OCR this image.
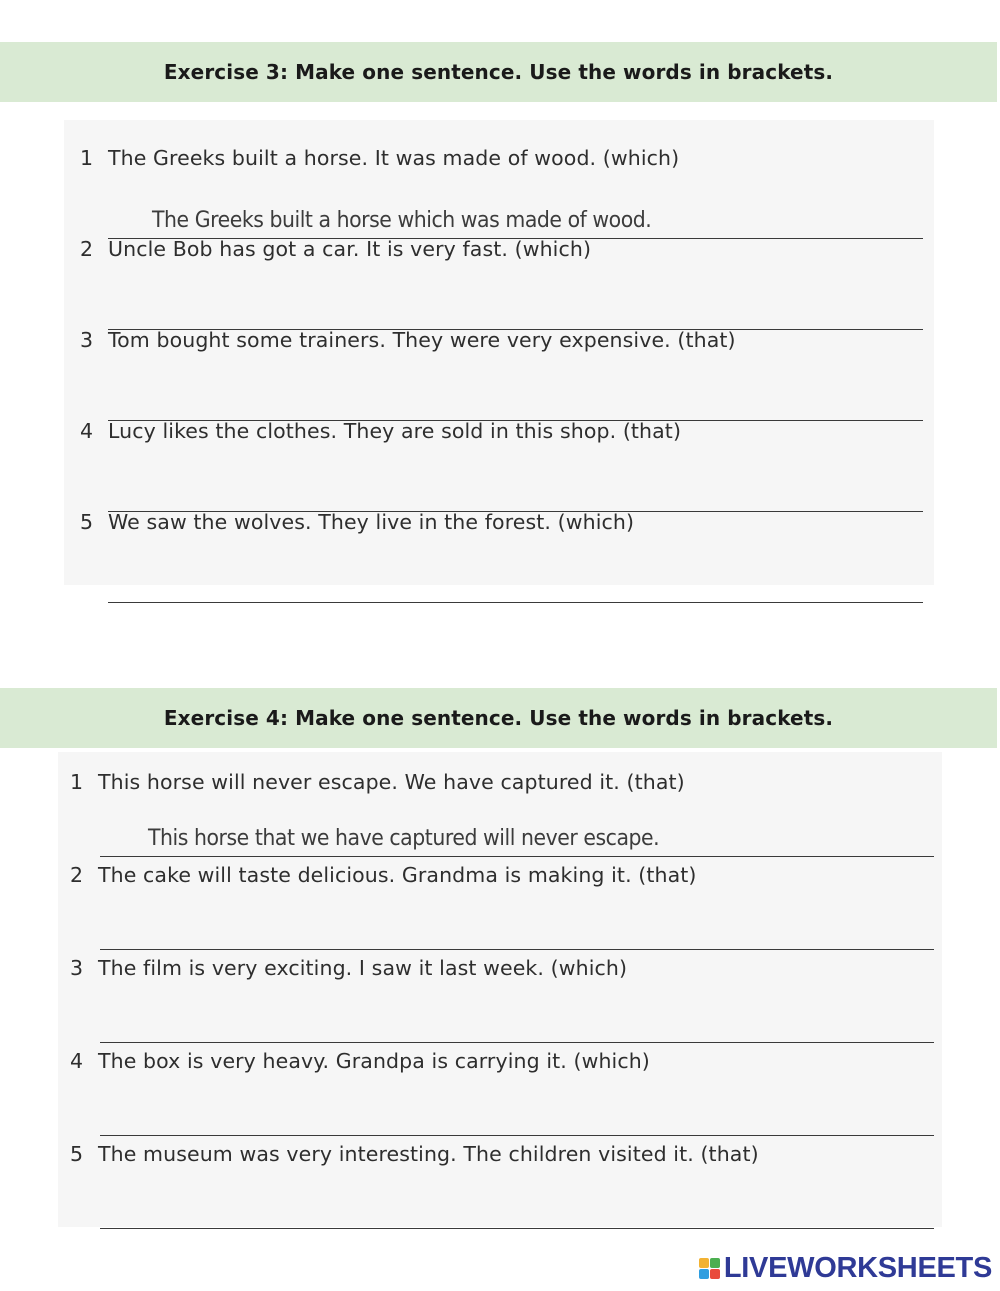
Exercise 3: Make one sentence. Use the words in brackets.
1 The Greeks built a horse. It was made of wood. (which)
The Greeks built a horse which was made of wood.
2 Uncle Bob has got a car. It is very fast. (which)
3 Tom bought some trainers. They were very expensive. (that)
4 Lucy likes the clothes. They are sold in this shop. (that)
5 We saw the wolves. They live in the forest. (which)
Exercise 4: Make one sentence. Use the words in brackets.
1 This horse will never escape. We have captured it. (that)
This horse that we have captured will never escape.
2 The cake will taste delicious. Grandma is making it. (that)
3 The film is very exciting. I saw it last week. (which)
4 The box is very heavy. Grandpa is carrying it. (which)
5 The museum was very interesting. The children visited it. (that)
LIVEWORKSHEETS
